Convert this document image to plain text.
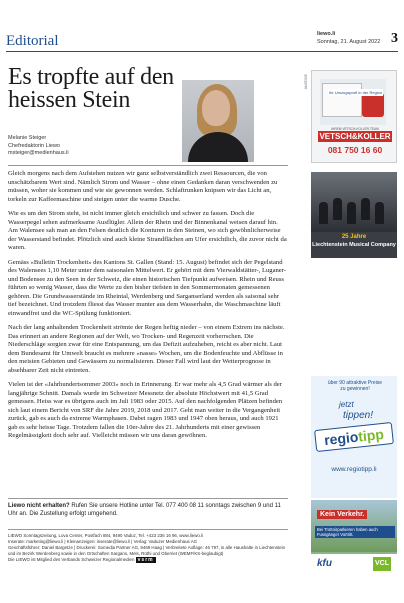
Editorial	liewo.li
Sonntag, 21. August 2022 3
Es tropfte auf den heissen Stein
Melanie Steiger
Chefredaktorin Liewo
msteiger@medienhaus.li

Gleich morgens nach dem Aufstehen nutzen wir ganz selbstverständlich zwei Ressourcen, die von unschätzbarem Wert sind. Nämlich Strom und Wasser – ohne einen Gedanken daran verschwenden zu müssen, woher sie kommen und wie sie gewonnen werden. Schlaftrunken knipsen wir das Licht an, torkeln zur Kaffeemaschine und steigen unter die warme Dusche.

Wie es um den Strom steht, ist nicht immer gleich ersichtlich und schwer zu fassen. Doch die Wasserpegel sehen aufmerksame Ausflügler. Allein der Rhein und der Binnenkanal weisen darauf hin. Am Walensee sah man an den Felsen deutlich die Konturen in den Steinen, wo sich gewöhnlicherweise der Wasserstand befindet. Plötzlich sind auch kleine Strandflächen am Ufer ersichtlich, die zuvor nicht da waren.

Gemäss «Bulletin Trockenheit» des Kantons St. Gallen (Stand: 15. August) befindet sich der Pegelstand des Walensees 1,10 Meter unter dem saisonalen Mittelwert. Er gehört mit dem Vierwaldstätter-, Luganer- und Bodensee zu den Seen in der Schweiz, die einen historischen Tiefpunkt aufweisen. Rhein und Reuss führten so wenig Wasser, dass die Werte zu den bisher tiefsten in den Sommermonaten gemessenen gehören. Die Grundwasserstände im Rheintal, Werdenberg und Sarganserland werden als saisonal sehr tief bezeichnet. Und trotzdem fliesst das Wasser munter aus dem Wasserhahn, die Waschmaschine läuft einwandfrei und die WC-Spülung funktioniert.

Nach der lang anhaltenden Trockenheit strömte der Regen heftig nieder – von einem Extrem ins nächste. Das erinnert an andere Regionen auf der Welt, wo Trocken- und Regenzeit vorherrschen. Die Niederschläge sorgten zwar für eine Entspannung, um das Defizit aufzuheben, reicht es aber nicht. Laut dem Bundesamt für Umwelt braucht es mehrere «nasse» Wochen, um die Bodenfeuchte und Abflüsse in den meisten Gebieten und Gewässern zu normalisieren. Dieser Fall wird laut der Wetterprognose in absehbarer Zeit nicht eintreten.

Vielen ist der «Jahrhundertsommer 2003» noch in Erinnerung. Er war mehr als 4,5 Grad wärmer als der langjährige Schnitt. Damals wurde im Schweizer Messnetz der absolute Höchstwert mit 41,5 Grad gemessen. Heiss war es übrigens auch im Juli 1983 oder 2015. Auf den nachfolgenden Plätzen befinden sich laut einem Bericht von SRF die Jahre 2019, 2018 und 2017. Geht man weiter in die Vergangenheit zurück, gab es auch da extreme Warmphasen. Dabei ragen 1983 und 1947 oben heraus, und auch 1921 gab es sehr heisse Tage. Trotzdem fallen die 10er-Jahre des 21. Jahrhunderts mit einer gewissen Regelmässigkeit doch sehr auf. Vielleicht müssen wir uns daran gewöhnen.

Liewo nicht erhalten? Rufen Sie unsere Hotline unter Tel. 077 400 08 11 sonntags zwischen 9 und 11 Uhr an. Die Zustellung erfolgt umgehend.
LIEWO Sonntagszeitung, Lova Center, Postfach 884, 9490 Vaduz, Tel. +423 236 16 96, www.liewo.li
Inserate: marketing@liewo.li | Kleinanzeigen: inserate@liewo.li | Verlag: Vaduzer Medienhaus AG
Geschäftsführer: Daniel Bargetze | Druckerei: Somedia Partner AG, 9469 Haag | Verbreitete Auflage: 46 797, in alle Haushalte in Liechtenstein und im Bezirk Werdenberg sowie in den Ortschaften Sargans, Mels, Rüthi und Oberriet (WEMF/KS-beglaubigt)
Die LIEWO ist Mitglied des Verbands Schweizer Regionalmedien vsrm
ANZEIGE
Ihr Umzugsprofi in der Region
IHREM VETSCH-KOLLER-TEAM
VETSCH&KOLLER
081 750 16 60
25 Jahre
Liechtenstein Musical Company
über 90 attraktive Preise zu gewinnen!
jetzt
tippen!
regiotipp
www.regiotipp.li
Kein Verkehr.
Bei Trottoirparkieren haben auch Fussgänger Vortritt.
kfu	VCL
